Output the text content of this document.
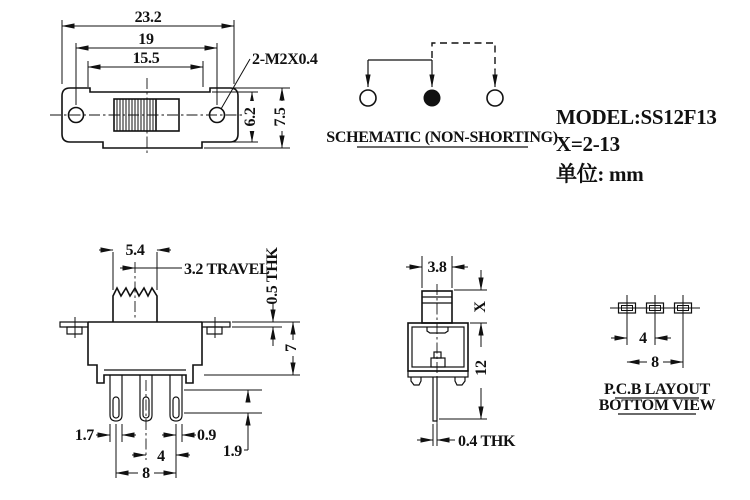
23.2
19
15.5	2-M2X0.4
6.2 7.5
SCHEMATIC (NON-SHORTING)
MODEL:SS12F13
X=2-13
单位: mm
5.4
3.2 TRAVEL
0.5 THK
7
1.9
1.7	0.9
4
8
3.8
X
12
0.4 THK
4
8
P.C.B LAYOUT
BOTTOM VIEW
